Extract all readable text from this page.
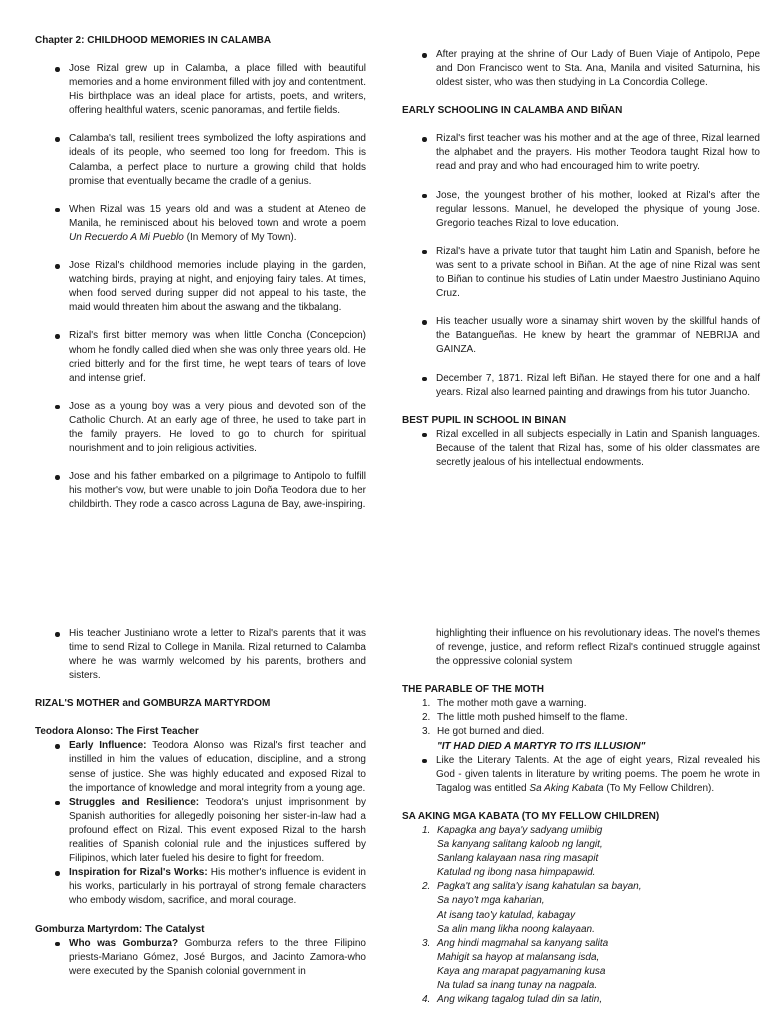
Chapter 2: CHILDHOOD MEMORIES IN CALAMBA
Jose Rizal grew up in Calamba, a place filled with beautiful memories and a home environment filled with joy and contentment. His birthplace was an ideal place for artists, poets, and writers, offering healthful waters, scenic panoramas, and fertile fields.
Calamba's tall, resilient trees symbolized the lofty aspirations and ideals of its people, who seemed too long for freedom. This is Calamba, a perfect place to nurture a growing child that holds promise that eventually became the cradle of a genius.
When Rizal was 15 years old and was a student at Ateneo de Manila, he reminisced about his beloved town and wrote a poem Un Recuerdo A Mi Pueblo (In Memory of My Town).
Jose Rizal's childhood memories include playing in the garden, watching birds, praying at night, and enjoying fairy tales. At times, when food served during supper did not appeal to his taste, the maid would threaten him about the aswang and the tikbalang.
Rizal's first bitter memory was when little Concha (Concepcion) whom he fondly called died when she was only three years old. He cried bitterly and for the first time, he wept tears of tears of love and intense grief.
Jose as a young boy was a very pious and devoted son of the Catholic Church. At an early age of three, he used to take part in the family prayers. He loved to go to church for spiritual nourishment and to join religious activities.
Jose and his father embarked on a pilgrimage to Antipolo to fulfill his mother's vow, but were unable to join Doña Teodora due to her childbirth. They rode a casco across Laguna de Bay, awe-inspiring.
After praying at the shrine of Our Lady of Buen Viaje of Antipolo, Pepe and Don Francisco went to Sta. Ana, Manila and visited Saturnina, his oldest sister, who was then studying in La Concordia College.
EARLY SCHOOLING IN CALAMBA AND BIÑAN
Rizal's first teacher was his mother and at the age of three, Rizal learned the alphabet and the prayers. His mother Teodora taught Rizal how to read and pray and who had encouraged him to write poetry.
Jose, the youngest brother of his mother, looked at Rizal's after the regular lessons. Manuel, he developed the physique of young Jose. Gregorio teaches Rizal to love education.
Rizal's have a private tutor that taught him Latin and Spanish, before he was sent to a private school in Biñan. At the age of nine Rizal was sent to Biñan to continue his studies of Latin under Maestro Justiniano Aquino Cruz.
His teacher usually wore a sinamay shirt woven by the skillful hands of the Batangueñas. He knew by heart the grammar of NEBRIJA and GAINZA.
December 7, 1871. Rizal left Biñan. He stayed there for one and a half years. Rizal also learned painting and drawings from his tutor Juancho.
BEST PUPIL IN SCHOOL IN BINAN
Rizal excelled in all subjects especially in Latin and Spanish languages. Because of the talent that Rizal has, some of his older classmates are secretly jealous of his intellectual endowments.
His teacher Justiniano wrote a letter to Rizal's parents that it was time to send Rizal to College in Manila. Rizal returned to Calamba where he was warmly welcomed by his parents, brothers and sisters.
RIZAL'S MOTHER and GOMBURZA MARTYRDOM
Teodora Alonso: The First Teacher
Early Influence: Teodora Alonso was Rizal's first teacher and instilled in him the values of education, discipline, and a strong sense of justice. She was highly educated and exposed Rizal to the importance of knowledge and moral integrity from a young age.
Struggles and Resilience: Teodora's unjust imprisonment by Spanish authorities for allegedly poisoning her sister-in-law had a profound effect on Rizal. This event exposed Rizal to the harsh realities of Spanish colonial rule and the injustices suffered by Filipinos, which later fueled his desire to fight for freedom.
Inspiration for Rizal's Works: His mother's influence is evident in his works, particularly in his portrayal of strong female characters who embody wisdom, sacrifice, and moral courage.
Gomburza Martyrdom: The Catalyst
Who was Gomburza? Gomburza refers to the three Filipino priests-Mariano Gómez, José Burgos, and Jacinto Zamora-who were executed by the Spanish colonial government in
highlighting their influence on his revolutionary ideas. The novel's themes of revenge, justice, and reform reflect Rizal's continued struggle against the oppressive colonial system
THE PARABLE OF THE MOTH
1. The mother moth gave a warning.
2. The little moth pushed himself to the flame.
3. He got burned and died.
"IT HAD DIED A MARTYR TO ITS ILLUSION"
Like the Literary Talents. At the age of eight years, Rizal revealed his God - given talents in literature by writing poems. The poem he wrote in Tagalog was entitled Sa Aking Kabata (To My Fellow Children).
SA AKING MGA KABATA (TO MY FELLOW CHILDREN)
1. Kapagka ang baya'y sadyang umiibig
Sa kanyang salitang kaloob ng langit,
Sanlang kalayaan nasa ring masapit
Katulad ng ibong nasa himpapawid.
2. Pagka't ang salita'y isang kahatulan sa bayan,
Sa nayo't mga kaharian,
At isang tao'y katulad, kabagay
Sa alin mang likha noong kalayaan.
3. Ang hindi magmahal sa kanyang salita
Mahigit sa hayop at malansang isda,
Kaya ang marapat pagyamaning kusa
Na tulad sa inang tunay na nagpala.
4. Ang wikang tagalog tulad din sa latin,
